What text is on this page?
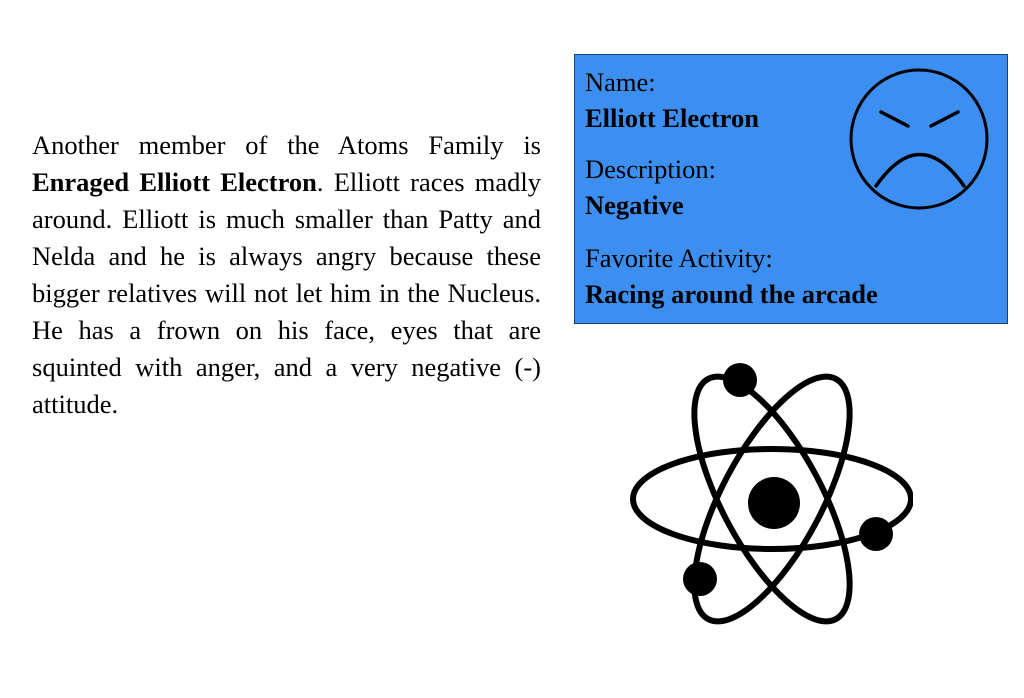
Another member of the Atoms Family is Enraged Elliott Electron. Elliott races madly around. Elliott is much smaller than Patty and Nelda and he is always angry because these bigger relatives will not let him in the Nucleus. He has a frown on his face, eyes that are squinted with anger, and a very negative (-) attitude.

Name:
Elliott Electron
Description:
Negative
Favorite Activity:
Racing around the arcade
